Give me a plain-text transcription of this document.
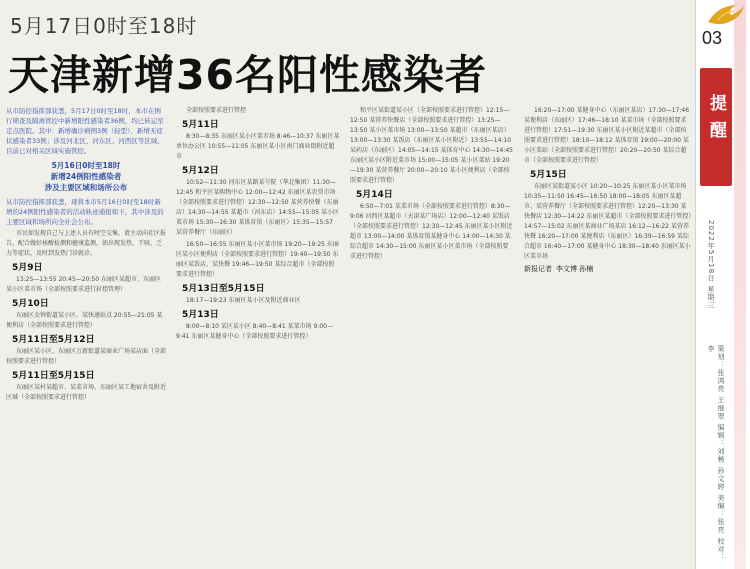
5月17日0时至18时
天津新增36名阳性感染者

从市防控指挥部获悉，5月17日0时至18时，本市在例行筛查及隔离管控中新增阳性感染者36例，均已转运至定点医院。其中：新增确诊病例3例（轻型）、新增无症状感染者33例；涉及河北区、河东区、河西区等区域，目前已对相关区域实施管控。

5月16日0时至18时
新增24例阳性感染者
涉及主要区域和场所公布

从市防控指挥部获悉，现将本市5月16日0时至18时新增的24例阳性感染者的活动轨迹通报如下，其中涉及的主要区域和场所向全社会公布。

市民如发现自己与上述人员有时空交集，请主动向社区报告，配合做好核酸检测和健康监测，如出现发热、干咳、乏力等症状，及时到发热门诊就诊。

5月9日

13:25—13:55 20:45—20:50 东丽区某超市、东丽区某小区菜市场（全部按照要求进行封控管理）

5月10日

东丽区金钟街道某小区、某快递站点 20:55—21:05 某便利店（全部按照要求进行管控）

5月11日至5月12日

东丽区某小区、东丽区万新街道某商业广场某店面（全部按照要求进行管控）

5月11日至5月15日

东丽区某村某超市、某菜市场、东丽区某工地宿舍及附近区域（全部按照要求进行管控）

全部按照要求进行管控

5月11日

8:30—8:35 东丽区某小区菜市场 8:46—10:37 东丽区某单位办公区 10:55—11:05 东丽区某小区南门商业街附近超市

5月12日

10:52—11:30 河东区某路某号院（华北集团）11:30—12:45 和平区某购物中心 12:00—12:42 东丽区某农贸市场（全部按照要求进行管控）12:30—12:50 某营养快餐（东丽店）14:30—14:55 某超市（河东店）14:55—15:05 某小区菜市场 15:30—16:30 某体育馆（东丽区）15:35—15:57 某营养餐厅（东丽区）

16:50—16:55 东丽区某小区菜市场 19:20—19:25 东丽区某小区便利店（全部按照要求进行管控）19:40—19:50 东丽区某饭店、某快餐 19:46—19:50 某综合超市（全部按照要求进行管控）

5月13日至5月15日

18:17—19:23 东丽区某小区及附近商业区

5月13日

8:00—8:10 某区某小区 8:40—8:41 某菜市场 9:00—9:41 东丽区某健身中心（全部按照要求进行管控）

和平区某街道某小区（全部按照要求进行管控）12:15—12:50 某营养快餐店（全部按照要求进行管控）13:25—13:50 某小区菜市场 13:00—13:50 某超市（东丽区某店）13:00—13:30 某饭店（东丽区某小区附近）13:55—14:10 某药店（东丽区）14:05—14:15 某体育中心 14:30—14:45 东丽区某小区附近菜市场 15:00—15:05 某小区菜站 19:20—19:30 某营养餐厅 20:00—20:10 某小区便利店（全部按照要求进行管控）

5月14日

6:50—7:01 某菜市场（全部按照要求进行管控）8:30—9:06 河西区某超市（天津某广场店）12:00—12:40 某饭店（全部按照要求进行管控）12:30—12:45 东丽区某小区附近超市 13:00—14:00 某体育馆某健身中心 14:00—14:30 某综合超市 14:30—15:00 东丽区某小区菜市场（全部按照要求进行管控）

16:20—17:00 某健身中心（东丽区某店）17:30—17:46 某便利店（东丽区）17:46—18:10 某菜市场（全部按照要求进行管控）17:51—19:30 东丽区某小区附近某超市（全部按照要求进行管控）18:10—18:12 某体育馆 19:00—20:00 某小区菜站（全部按照要求进行管控）20:20—20:50 某综合超市（全部按照要求进行管控）

5月15日

东丽区某街道某小区 10:20—10:25 东丽区某小区菜市场 10:35—11:50 16:45—16:50 18:00—18:05 东丽区某超市、某营养餐厅（全部按照要求进行管控）12:20—13:30 某快餐店 12:30—14:22 东丽区某超市（全部按照要求进行管控）14:57—15:02 东丽区某商业广场某店 16:12—16:22 某营养快餐 16:20—17:00 某便利店（东丽区）16:39—16:59 某综合超市 16:40—17:00 某健身中心 18:30—18:40 东丽区某小区菜市场

新报记者 李文博 孙楠
03
提醒
2022年5月18日 星期三
策划：张鸿亮 王继翠 编辑：刘畅 孙文婷 美编：张亮 校对：李
